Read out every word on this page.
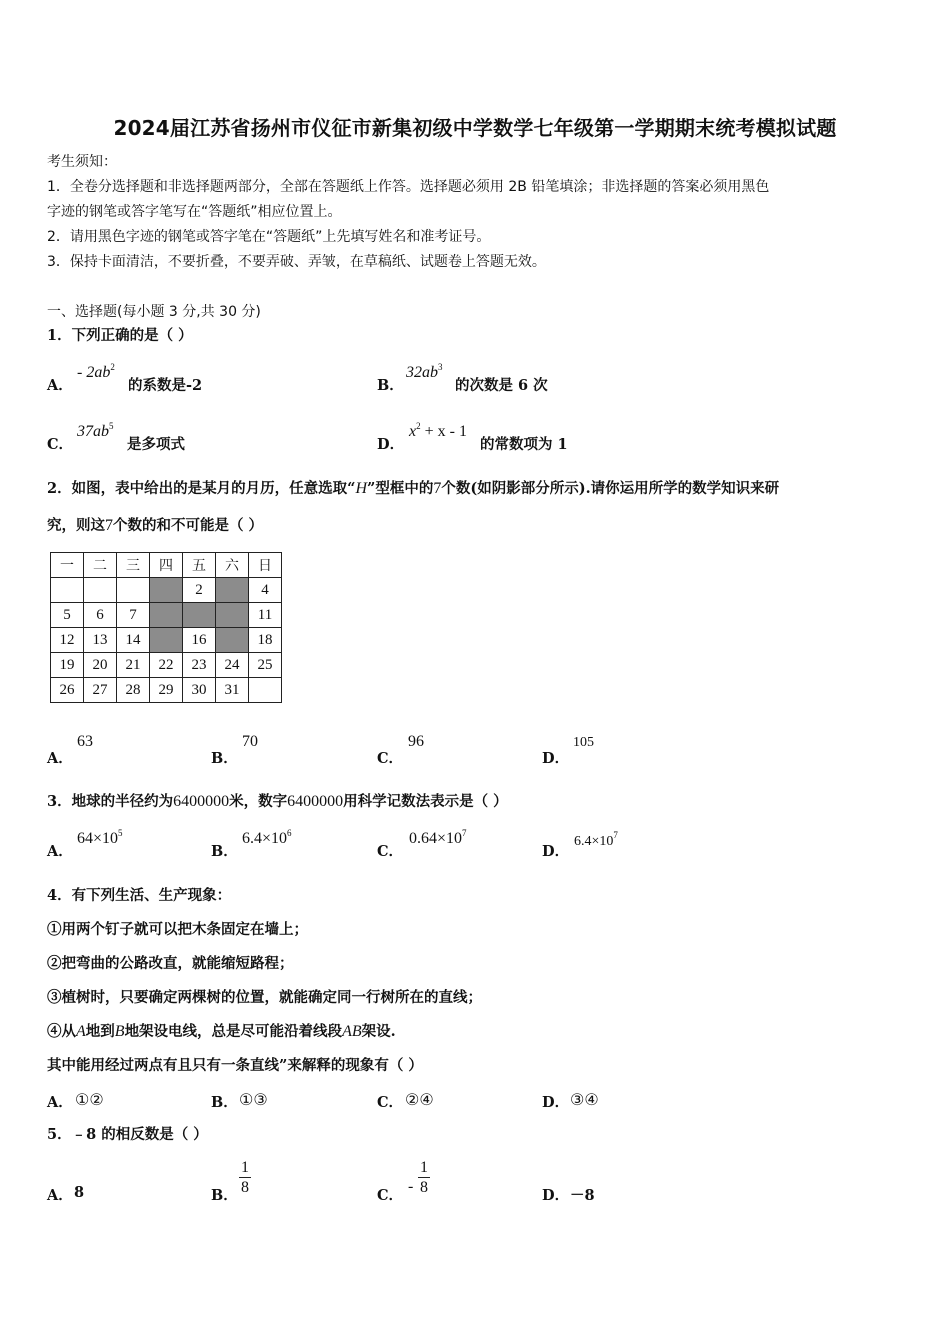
2024届江苏省扬州市仪征市新集初级中学数学七年级第一学期期末统考模拟试题
考生须知：
1．全卷分选择题和非选择题两部分，全部在答题纸上作答。选择题必须用 2B 铅笔填涂；非选择题的答案必须用黑色
字迹的钢笔或答字笔写在“答题纸”相应位置上。
2．请用黑色字迹的钢笔或答字笔在“答题纸”上先填写姓名和准考证号。
3．保持卡面清洁，不要折叠，不要弄破、弄皱，在草稿纸、试题卷上答题无效。
一、选择题(每小题 3 分,共 30 分)
1．下列正确的是（ ）
A．
- $2ab^2$
的系数是-2	B．
$32ab^3$
的次数是 6 次
C．
$37ab^5$
是多项式	D．
$x^2 + x - 1$
的常数项为 1
2．如图，表中给出的是某月的月历，任意选取“H”型框中的7个数(如阴影部分所示).请你运用所学的数学知识来研
究，则这7个数的和不可能是（ ）
一	二	三	四	五	六	日
				2		4
5	6	7				11
12	13	14		16		18
19	20	21	22	23	24	25
26	27	28	29	30	31	
A．
63
B．
70
C．
96
D．
105
3．地球的半径约为6400000米，数字6400000用科学记数法表示是（ ）
A．
$64\times 10^5$
B．
$6.4\times 10^6$
C．
$0.64\times 10^7$
D．
$6.4\times 10^7$
4．有下列生活、生产现象：
①用两个钉子就可以把木条固定在墙上；
②把弯曲的公路改直，就能缩短路程；
③植树时，只要确定两棵树的位置，就能确定同一行树所在的直线；
④从A地到B地架设电线，总是尽可能沿着线段AB架设.
其中能用经过两点有且只有一条直线”来解释的现象有（ ）
A． ①②	B． ①③	C． ②④	D． ③④
5．﹣8 的相反数是（ ）
A． 8	B． $\frac{1}{8}$	C．
- $\frac{1}{8}$	D． －8
